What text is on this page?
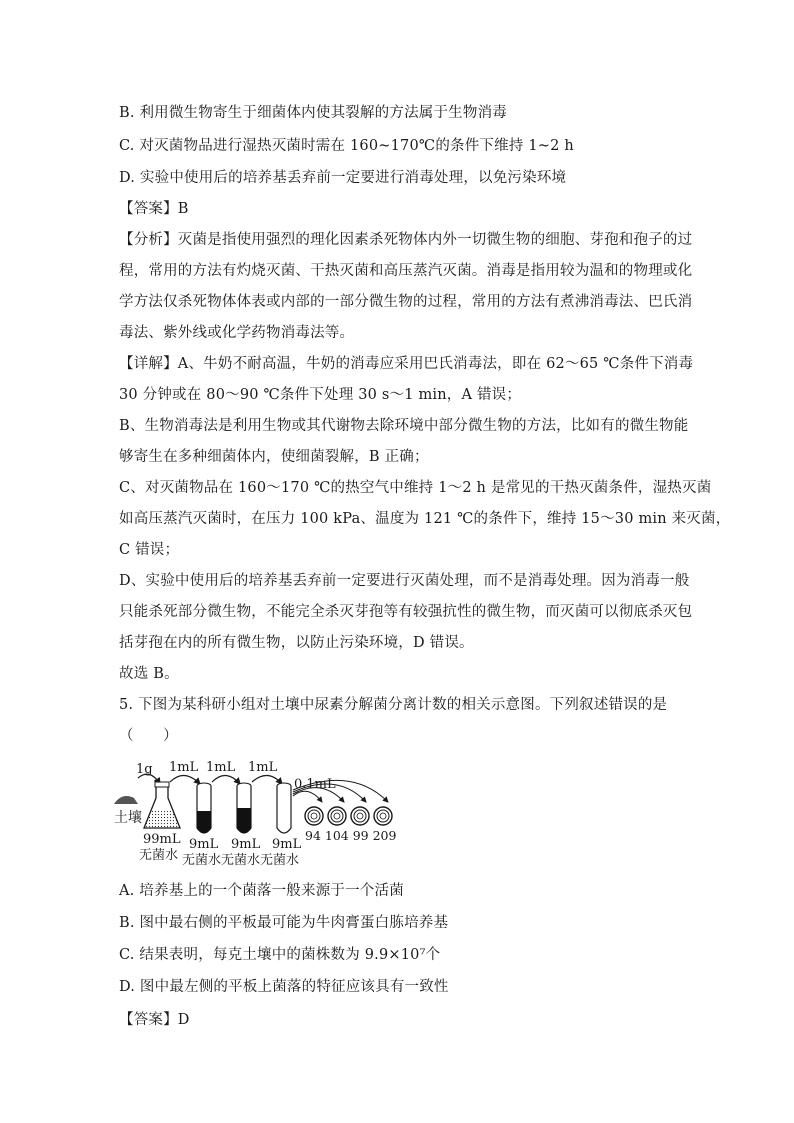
B. 利用微生物寄生于细菌体内使其裂解的方法属于生物消毒
C. 对灭菌物品进行湿热灭菌时需在 160~170℃的条件下维持 1~2 h
D. 实验中使用后的培养基丢弃前一定要进行消毒处理，以免污染环境
【答案】B
【分析】灭菌是指使用强烈的理化因素杀死物体内外一切微生物的细胞、芽孢和孢子的过
程，常用的方法有灼烧灭菌、干热灭菌和高压蒸汽灭菌。消毒是指用较为温和的物理或化
学方法仅杀死物体体表或内部的一部分微生物的过程，常用的方法有煮沸消毒法、巴氏消
毒法、紫外线或化学药物消毒法等。
【详解】A、牛奶不耐高温，牛奶的消毒应采用巴氏消毒法，即在 62～65 ℃条件下消毒
30 分钟或在 80～90 ℃条件下处理 30 s～1 min，A 错误；
B、生物消毒法是利用生物或其代谢物去除环境中部分微生物的方法，比如有的微生物能
够寄生在多种细菌体内，使细菌裂解，B 正确；
C、对灭菌物品在 160～170 ℃的热空气中维持 1～2 h 是常见的干热灭菌条件，湿热灭菌
如高压蒸汽灭菌时，在压力 100 kPa、温度为 121 ℃的条件下，维持 15～30 min 来灭菌，
C 错误；
D、实验中使用后的培养基丢弃前一定要进行灭菌处理，而不是消毒处理。因为消毒一般
只能杀死部分微生物，不能完全杀灭芽孢等有较强抗性的微生物，而灭菌可以彻底杀灭包
括芽孢在内的所有微生物，以防止污染环境，D 错误。
故选 B。
5. 下图为某科研小组对土壤中尿素分解菌分离计数的相关示意图。下列叙述错误的是
（　　）
1g 1mL 1mL 1mL
0.1mL
土壤
99mL
无菌水
9mL 9mL 9mL
无菌水无菌水无菌水
94 104 99 209
A. 培养基上的一个菌落一般来源于一个活菌
B. 图中最右侧的平板最可能为牛肉膏蛋白胨培养基
C. 结果表明，每克土壤中的菌株数为 9.9×10⁷个
D. 图中最左侧的平板上菌落的特征应该具有一致性
【答案】D
